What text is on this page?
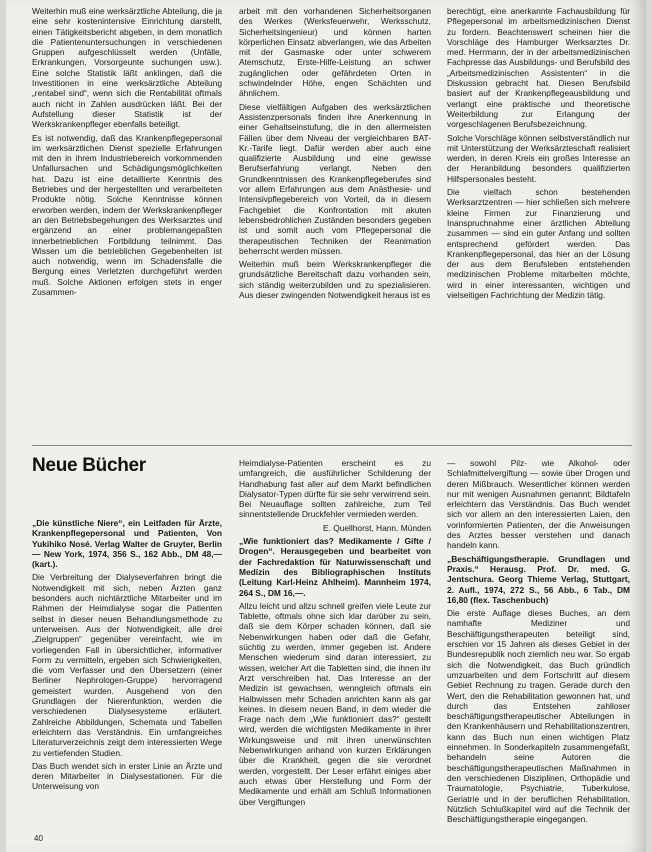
Weiterhin muß eine werksärztliche Abteilung, die ja eine sehr kostenintensive Einrichtung darstellt, einen Tätigkeitsbericht abgeben, in dem monatlich die Patientenuntersuchungen in verschiedenen Gruppen aufgeschlüsselt werden (Unfälle, Erkrankungen, Vorsorgeunte suchungen usw.). Eine solche Statistik läßt anklingen, daß die Investitionen in eine werksärztliche Abteilung „rentabel sind“, wenn sich die Rentabilität oftmals auch nicht in Zahlen ausdrücken läßt. Bei der Aufstellung dieser Statistik ist der Werkskrankenpfleger ebenfalls beteiligt.

Es ist notwendig, daß das Krankenpflegepersonal im werksärztlichen Dienst spezielle Erfahrungen mit den in ihrem Industriebereich vorkommenden Unfallursachen und Schädigungsmöglichkeiten hat. Dazu ist eine detaillierte Kenntnis des Betriebes und der hergestellten und verarbeiteten Produkte nötig. Solche Kenntnisse können erworben werden, indem der Werkskrankenpfleger an den Betriebsbegehungen des Werksarztes und ergänzend an einer problemangepaßten innerbetrieblichen Fortbildung teilnimmt. Das Wissen um die betrieblichen Gegebenheiten ist auch notwendig, wenn im Schadensfalle die Bergung eines Verletzten durchgeführt werden muß. Solche Aktionen erfolgen stets in enger Zusammen-

arbeit mit den vorhandenen Sicherheitsorganen des Werkes (Werksfeuerwehr, Werksschutz, Sicherheitsingenieur) und können harten körperlichen Einsatz abverlangen, wie das Arbeiten mit der Gasmaske oder unter schwerem Atemschutz, Erste-Hilfe-Leistung an schwer zugänglichen oder gefährdeten Orten in schwindelnder Höhe, engen Schächten und ähnlichem.

Diese vielfältigen Aufgaben des werksärztlichen Assistenzpersonals finden ihre Anerkennung in einer Gehaltseinstufung, die in den allermeisten Fällen über dem Niveau der vergleichbaren BAT-Kr.-Tarife liegt. Dafür werden aber auch eine qualifizierte Ausbildung und eine gewisse Berufserfahrung verlangt. Neben den Grundkenntnissen des Krankenpflegeberufes sind vor allem Erfahrungen aus dem Anästhesie- und Intensivpflegebereich von Vorteil, da in diesem Fachgebiet die Konfrontation mit akuten lebensbedrohlichen Zuständen besonders gegeben ist und somit auch vom Pflegepersonal die therapeutischen Techniken der Reanimation beherrscht werden müssen.

Weiterhin muß beim Werkskrankenpfleger die grundsätzliche Bereitschaft dazu vorhanden sein, sich ständig weiterzubilden und zu spezialisieren. Aus dieser zwingenden Notwendigkeit heraus ist es

berechtigt, eine anerkannte Fachausbildung für Pflegepersonal im arbeitsmedizinischen Dienst zu fordern. Beachtenswert scheinen hier die Vorschläge des Hamburger Werksarztes Dr. med. Herrmann, der in der arbeitsmedizinischen Fachpresse das Ausbildungs- und Berufsbild des „Arbeitsmedizinischen Assistenten“ in die Diskussion gebracht hat. Diesen Berufsbild basiert auf der Krankenpflegeausbildung und verlangt eine praktische und theoretische Weiterbildung zur Erlangung der vorgeschlagenen Berufsbezeichnung.

Solche Vorschläge können selbstverständlich nur mit Unterstützung der Werksärzteschaft realisiert werden, in deren Kreis ein großes Interesse an der Heranbildung besonders qualifizierten Hilfspersonales besteht.

Die vielfach schon bestehenden Werksarztzentren — hier schließen sich mehrere kleine Firmen zur Finanzierung und Inanspruchnahme einer ärztlichen Abteilung zusammen — sind ein guter Anfang und sollten entsprechend gefördert werden. Das Krankenpflegepersonal, das hier an der Lösung der aus dem Berufsleben entstehenden medizinischen Probleme mitarbeiten möchte, wird in einer interessanten, wichtigen und vielseitigen Fachrichtung der Medizin tätig.

Neue Bücher

„Die künstliche Niere“, ein Leitfaden für Ärzte, Krankenpflegepersonal und Patienten, Von Yukihiko Nosé. Verlag Walter de Gruyter, Berlin — New York, 1974, 356 S., 162 Abb., DM 48,— (kart.).

Die Verbreitung der Dialyseverfahren bringt die Notwendigkeit mit sich, neben Ärzten ganz besonders auch nichtärztliche Mitarbeiter und im Rahmen der Heimdialyse sogar die Patienten selbst in dieser neuen Behandlungsmethode zu unterweisen. Aus der Notwendigkeit, alle drei „Zielgruppen“ gegenüber vereinfacht, wie im vorliegenden Fall in übersichtlicher, informativer Form zu vermitteln, ergeben sich Schwierigkeiten, die vom Verfasser und den Übersetzern (einer Berliner Nephrologen-Gruppe) hervorragend gemeistert wurden. Ausgehend von den Grundlagen der Nierenfunktion, werden die verschiedenen Dialysesysteme erläutert. Zahlreiche Abbildungen, Schemata und Tabellen erleichtern das Verständnis. Ein umfangreiches Literaturverzeichnis zeigt dem interessierten Wege zu vertiefenden Studien.

Das Buch wendet sich in erster Linie an Ärzte und deren Mitarbeiter in Dialysestationen. Für die Unterweisung von

Heimdialyse-Patienten erscheint es zu umfangreich, die ausführlicher Schilderung der Handhabung fast aller auf dem Markt befindlichen Dialysator-Typen dürfte für sie sehr verwirrend sein. Bei Neuauflage sollten zahlreiche, zum Teil sinnentstellende Druckfehler vermieden werden.

E. Quellhorst, Hann. Münden

„Wie funktioniert das? Medikamente / Gifte / Drogen“. Herausgegeben und bearbeitet von der Fachredaktion für Naturwissenschaft und Medizin des Bibliographischen Instituts (Leitung Karl-Heinz Ahlheim). Mannheim 1974, 264 S., DM 16,—.

Allzu leicht und allzu schnell greifen viele Leute zur Tablette, oftmals ohne sich klar darüber zu sein, daß sie dem Körper schaden können, daß sie Nebenwirkungen haben oder daß die Gefahr, süchtig zu werden, immer gegeben ist. Andere Menschen wiederum sind daran interessiert, zu wissen, welcher Art die Tabletten sind, die ihnen ihr Arzt verschreiben hat. Das Interesse an der Medizin ist gewachsen, wenngleich oftmals ein Halbwissen mehr Schaden anrichten kann als gar keines. In diesem neuen Band, in dem wieder die Frage nach dem „Wie funktioniert das?“ gestellt wird, werden die wichtigsten Medikamente in ihrer Wirkungsweise und mit ihren unerwünschten Nebenwirkungen anhand von kurzen Erklärungen über die Krankheit, gegen die sie verordnet werden, vorgestellt. Der Leser erfährt einiges aber auch etwas über Herstellung und Form der Medikamente und erhält am Schluß Informationen über Vergiftungen

— sowohl Pilz- wie Alkohol- oder Schlafmittelvergiftung — sowie über Drogen und deren Mißbrauch. Wesentlicher können werden nur mit wenigen Ausnahmen genannt; Bildtafeln erleichtern das Verständnis. Das Buch wendet sich vor allem an den interessierten Laien, den vorinformierten Patienten, der die Anweisungen des Arztes besser verstehen und danach handeln kann.

„Beschäftigungstherapie. Grundlagen und Praxis.“ Herausg. Prof. Dr. med. G. Jentschura. Georg Thieme Verlag, Stuttgart, 2. Aufl., 1974, 272 S., 56 Abb., 6 Tab., DM 16,80 (flex. Taschenbuch)

Die erste Auflage dieses Buches, an dem namhafte Mediziner und Beschäftigungstherapeuten beteiligt sind, erschien vor 15 Jahren als dieses Gebiet in der Bundesrepublik noch ziemlich neu war. So ergab sich die Notwendigkeit, das Buch gründlich umzuarbeiten und dem Fortschritt auf diesem Gebiet Rechnung zu tragen. Gerade durch den Wert, den die Rehabilitation gewonnen hat, und durch das Entstehen zahlloser beschäftigungstherapeutischer Abteilungen in den Krankenhäusern und Rehabilitationszentren, kann das Buch nun einen wichtigen Platz einnehmen. In Sonderkapiteln zusammengefaßt, behandeln seine Autoren die beschäftigungstherapeutischen Maßnahmen in den verschiedenen Disziplinen, Orthopädie und Traumatologie, Psychiatrie, Tuberkulose, Geriatrie und in der beruflichen Rehabilitation. Nützlich Schlußkapitel wird auf die Technik der Beschäftigungstherapie eingegangen.

40
